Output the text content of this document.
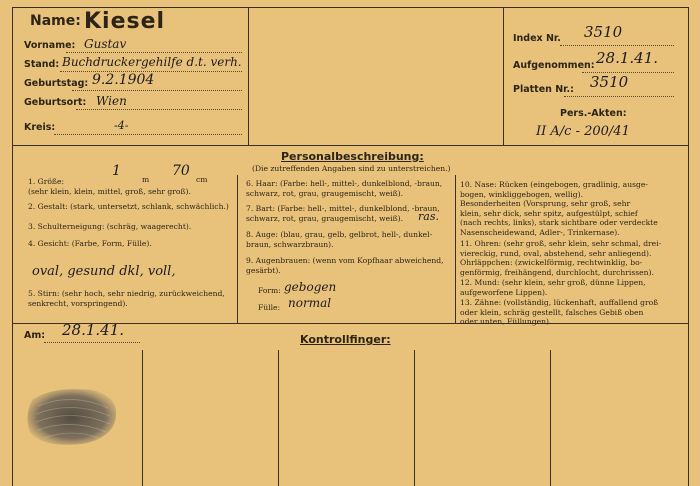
Name: Kiesel
Vorname: Gustav
Stand: Buchdruckergehilfe d.t. verh.
Geburtstag: 9.2.1904
Geburtsort: Wien
Kreis:	-4-
Index Nr. 3510
Aufgenommen: 28.1.41.
Platten Nr.: 3510
Pers.-Akten:
II A/c - 200/41
Personalbeschreibung:
(Die zutreffenden Angaben sind zu unterstreichen.)
1. Größe:
(sehr klein, klein, mittel, groß, sehr groß).
1
m
70
cm
2. Gestalt: (stark, untersetzt, schlank, schwächlich.)
3. Schulterneigung: (schräg, waagerecht).
4. Gesicht: (Farbe, Form, Fülle).
oval, gesund dkl, voll,
5. Stirn: (sehr hoch, sehr niedrig, zurückweichend,
senkrecht, vorspringend).
6. Haar: (Farbe: hell-, mittel-, dunkelblond, -braun,
schwarz, rot, grau, graugemischt, weiß).
7. Bart: (Farbe: hell-, mittel-, dunkelblond, -braun,
schwarz, rot, grau, graugemischt, weiß).	ras.
8. Auge: (blau, grau, gelb, gelbrot, hell-, dunkel-
braun, schwarzbraun).
9. Augenbrauen: (wenn vom Kopfhaar abweichend,
gesärbt).
Form: gebogen
Fülle: normal
10. Nase: Rücken (eingebogen, gradlinig, ausge-
bogen, winkliggebogen, wellig).
Besonderheiten (Vorsprung, sehr groß, sehr
klein, sehr dick, sehr spitz, aufgestülpt, schief
(nach rechts, links), stark sichtbare oder verdeckte
Nasenscheidewand, Adler-, Trinkernase).
11. Ohren: (sehr groß, sehr klein, sehr schmal, drei-
viereckig, rund, oval, abstehend, sehr anliegend).
Ohrläppchen: (zwickelförmig, rechtwinklig, bo-
genförmig, freihängend, durchlocht, durchrissen).
12. Mund: (sehr klein, sehr groß, dünne Lippen,
aufgeworfene Lippen).
13. Zähne: (vollständig, lückenhaft, auffallend groß
oder klein, schräg gestellt, falsches Gebiß oben
oder unten, Füllungen).
Am: 28.1.41.
Kontrollfinger:
